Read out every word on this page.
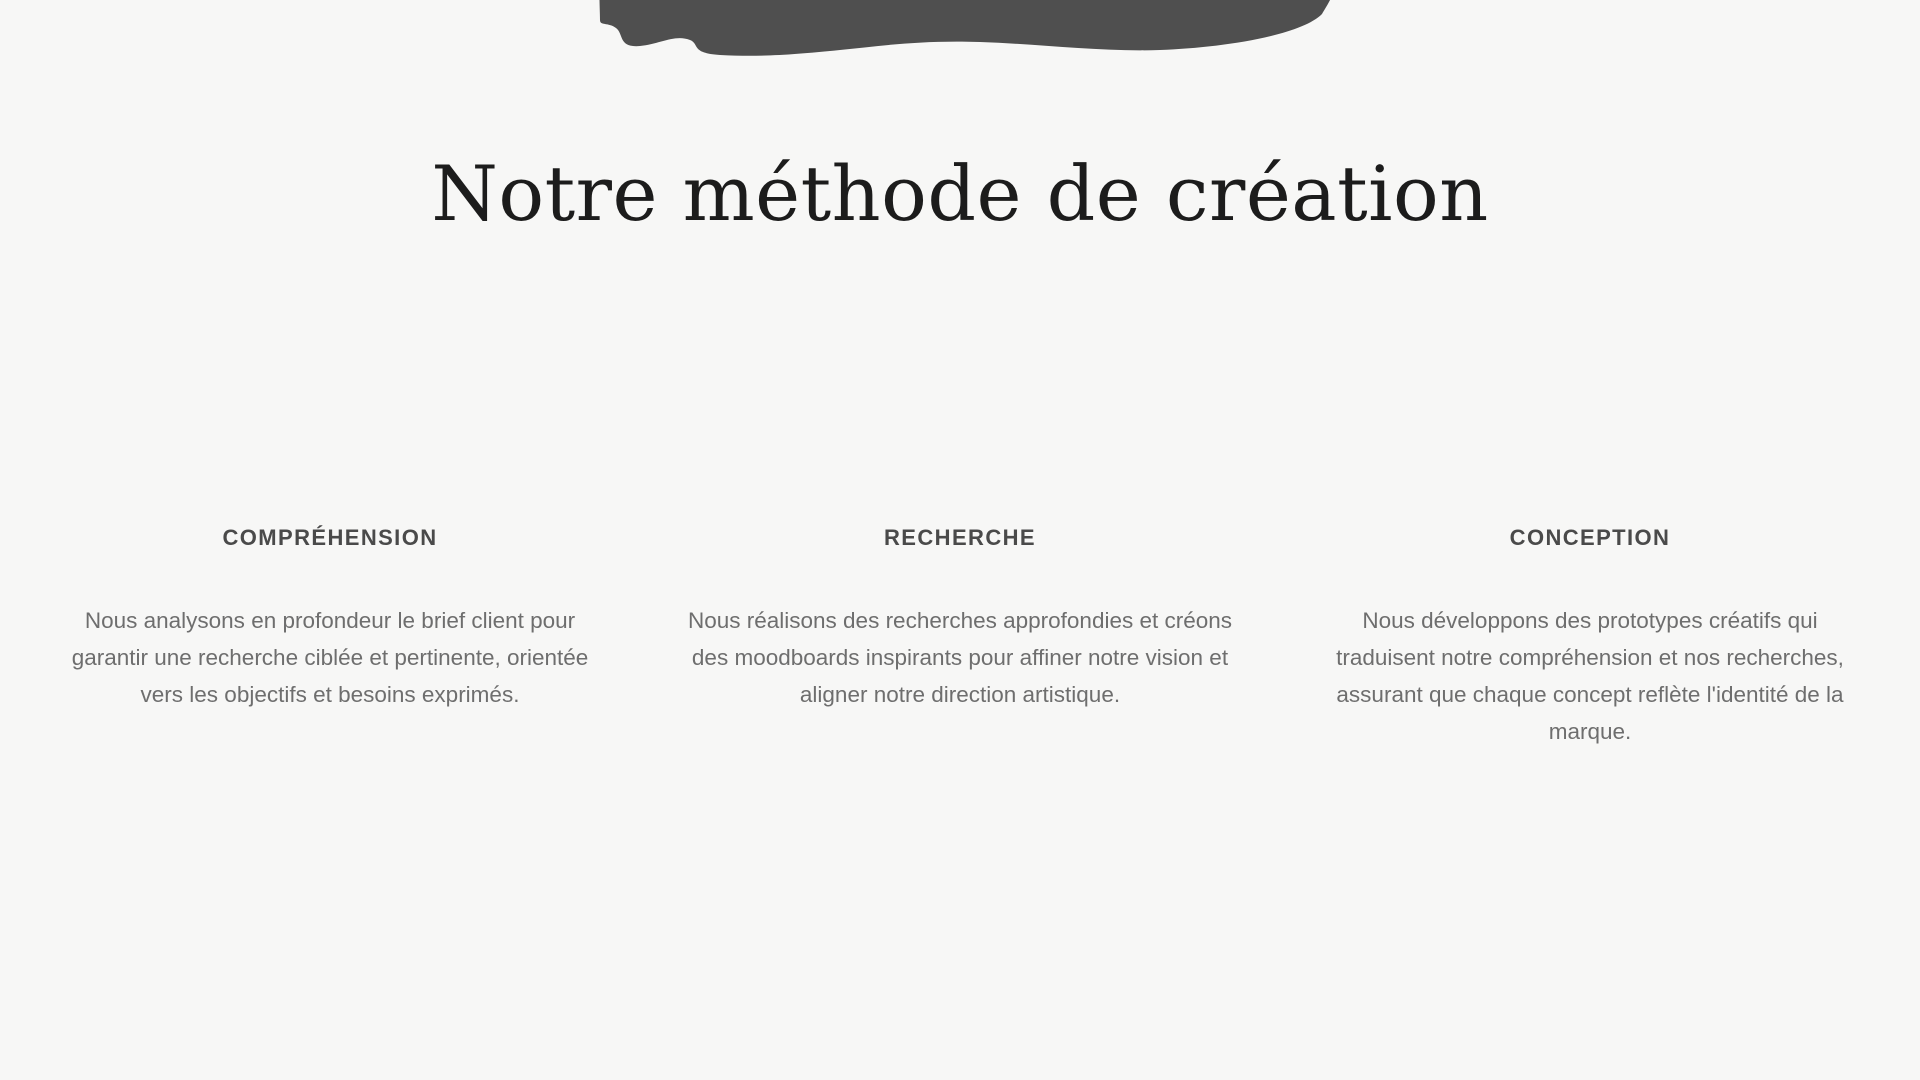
Notre méthode de création
COMPRÉHENSION

Nous analysons en profondeur le brief client pour garantir une recherche ciblée et pertinente, orientée vers les objectifs et besoins exprimés.

RECHERCHE

Nous réalisons des recherches approfondies et créons des moodboards inspirants pour affiner notre vision et aligner notre direction artistique.

CONCEPTION

Nous développons des prototypes créatifs qui traduisent notre compréhension et nos recherches, assurant que chaque concept reflète l'identité de la marque.
